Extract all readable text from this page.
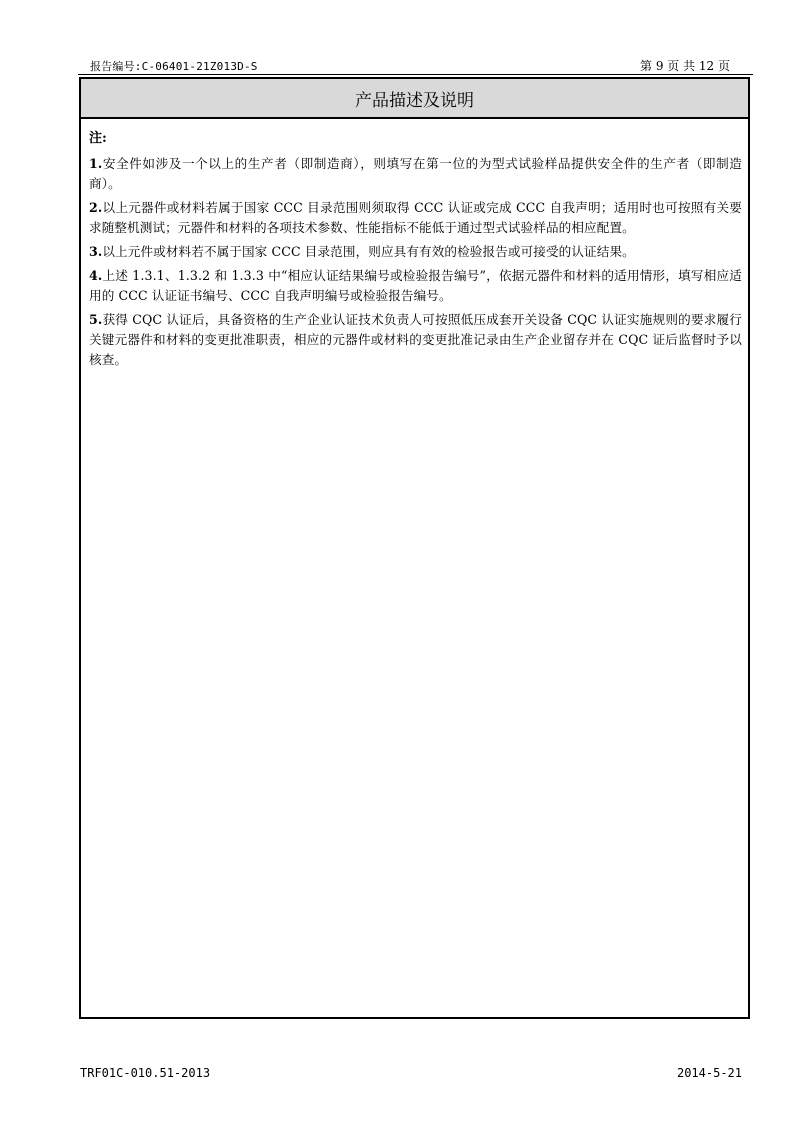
报告编号:C-06401-21Z013D-S	第 9 页 共 12 页
产品描述及说明
注:
1.安全件如涉及一个以上的生产者（即制造商），则填写在第一位的为型式试验样品提供安全件的生产者（即制造商）。
2.以上元器件或材料若属于国家 CCC 目录范围则须取得 CCC 认证或完成 CCC 自我声明；适用时也可按照有关要求随整机测试；元器件和材料的各项技术参数、性能指标不能低于通过型式试验样品的相应配置。
3.以上元件或材料若不属于国家 CCC 目录范围，则应具有有效的检验报告或可接受的认证结果。
4.上述 1.3.1、1.3.2 和 1.3.3 中“相应认证结果编号或检验报告编号”，依据元器件和材料的适用情形，填写相应适用的 CCC 认证证书编号、CCC 自我声明编号或检验报告编号。
5.获得 CQC 认证后，具备资格的生产企业认证技术负责人可按照低压成套开关设备 CQC 认证实施规则的要求履行关键元器件和材料的变更批准职责，相应的元器件或材料的变更批准记录由生产企业留存并在 CQC 证后监督时予以核查。
TRF01C-010.51-2013	2014-5-21
